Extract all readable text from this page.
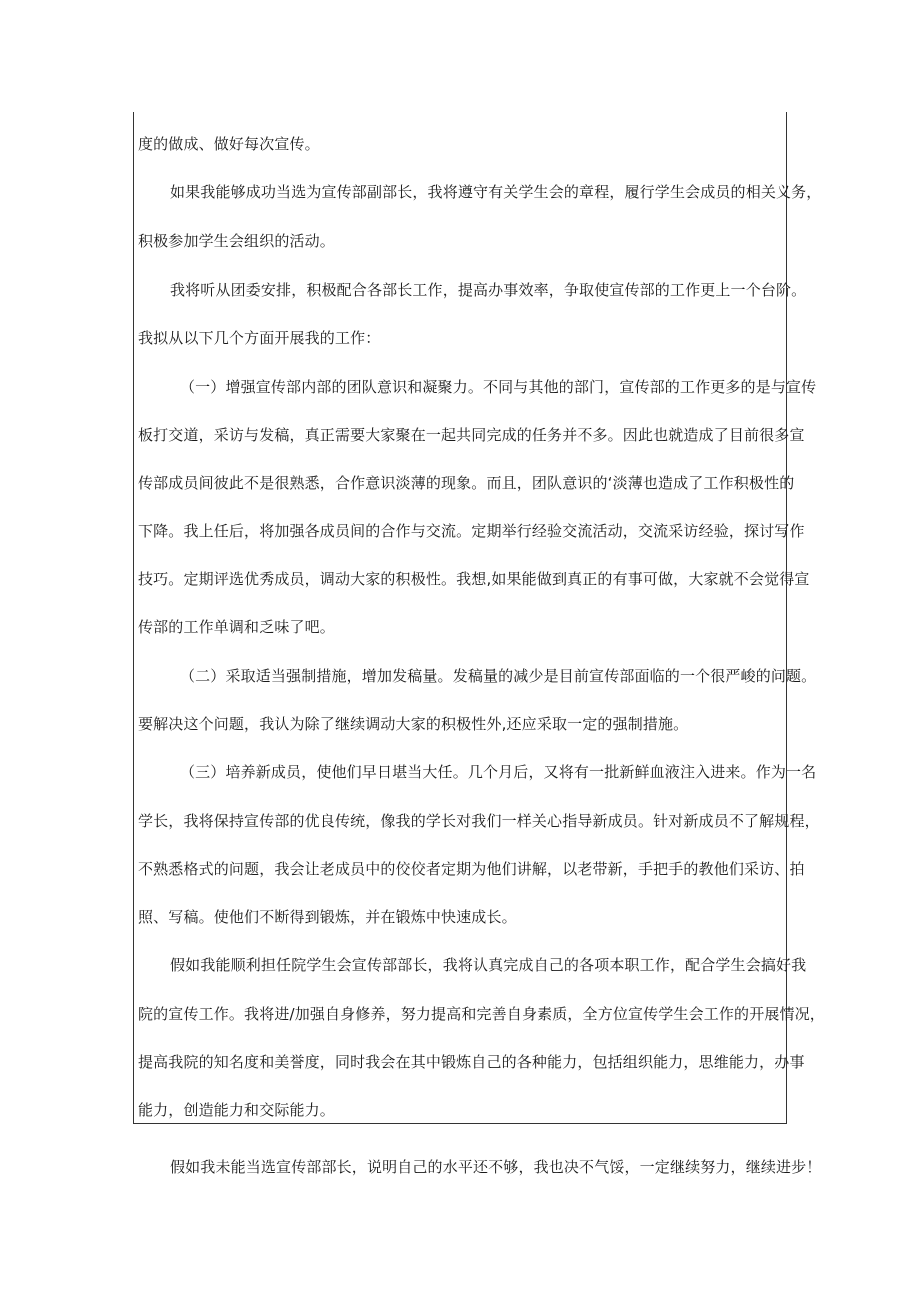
度的做成、做好每次宣传。

如果我能够成功当选为宣传部副部长，我将遵守有关学生会的章程，履行学生会成员的相关义务，

积极参加学生会组织的活动。

我将听从团委安排，积极配合各部长工作，提高办事效率，争取使宣传部的工作更上一个台阶。

我拟从以下几个方面开展我的工作：

（一）增强宣传部内部的团队意识和凝聚力。不同与其他的部门，宣传部的工作更多的是与宣传

板打交道，采访与发稿，真正需要大家聚在一起共同完成的任务并不多。因此也就造成了目前很多宣

传部成员间彼此不是很熟悉，合作意识淡薄的现象。而且，团队意识的‘淡薄也造成了工作积极性的

下降。我上任后，将加强各成员间的合作与交流。定期举行经验交流活动，交流采访经验，探讨写作

技巧。定期评选优秀成员，调动大家的积极性。我想,如果能做到真正的有事可做，大家就不会觉得宣

传部的工作单调和乏味了吧。

（二）采取适当强制措施，增加发稿量。发稿量的减少是目前宣传部面临的一个很严峻的问题。

要解决这个问题，我认为除了继续调动大家的积极性外,还应采取一定的强制措施。

（三）培养新成员，使他们早日堪当大任。几个月后，又将有一批新鲜血液注入进来。作为一名

学长，我将保持宣传部的优良传统，像我的学长对我们一样关心指导新成员。针对新成员不了解规程，

不熟悉格式的问题，我会让老成员中的佼佼者定期为他们讲解，以老带新，手把手的教他们采访、拍

照、写稿。使他们不断得到锻炼，并在锻炼中快速成长。

假如我能顺利担任院学生会宣传部部长，我将认真完成自己的各项本职工作，配合学生会搞好我

院的宣传工作。我将进/加强自身修养，努力提高和完善自身素质，全方位宣传学生会工作的开展情况，

提高我院的知名度和美誉度，同时我会在其中锻炼自己的各种能力，包括组织能力，思维能力，办事

能力，创造能力和交际能力。

假如我未能当选宣传部部长，说明自己的水平还不够，我也决不气馁，一定继续努力，继续进步！
